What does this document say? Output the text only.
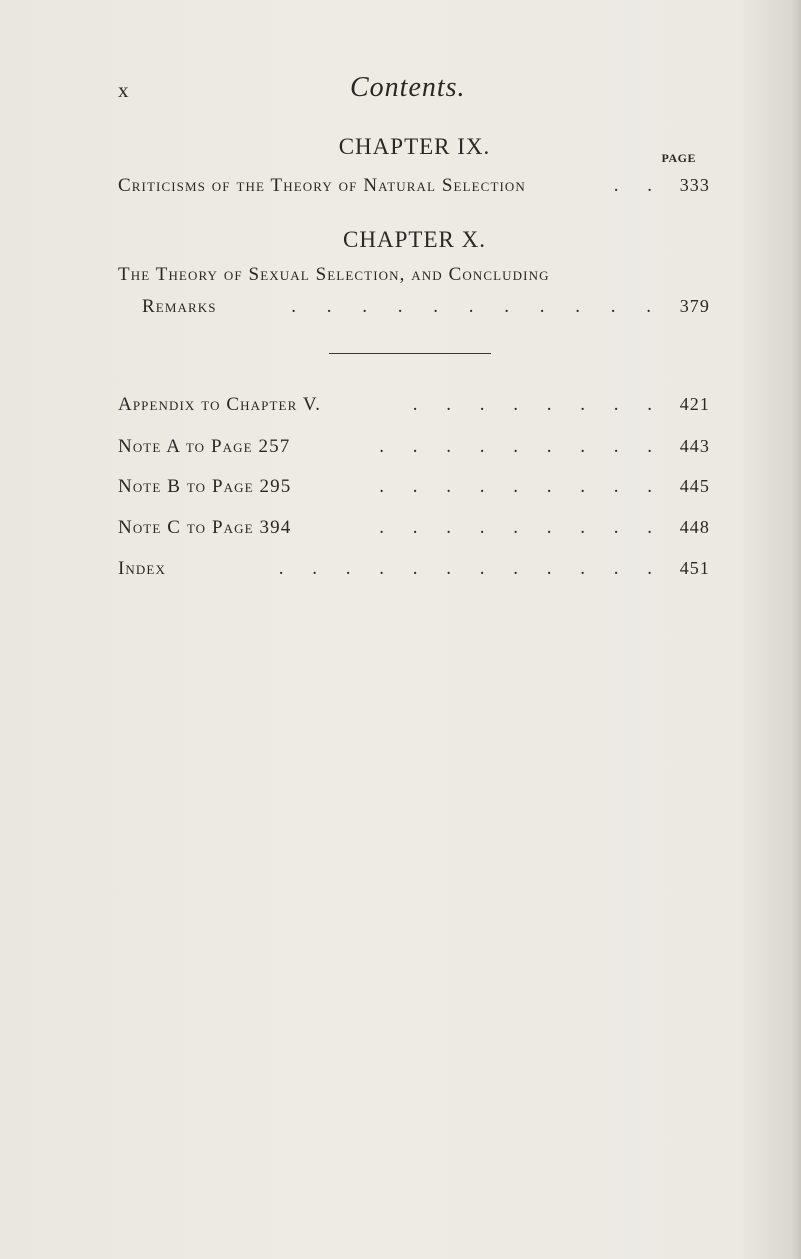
x	Contents.
CHAPTER IX.	PAGE
. .
Criticisms of the Theory of Natural Selection	333
CHAPTER X.
The Theory of Sexual Selection, and Concluding
Remarks	. . . . . . . . . . . 379
. . . . . . . .
Appendix to Chapter V.	421
. . . . . . . . .
Note A to Page 257	443
. . . . . . . . .
Note B to Page 295	445
. . . . . . . . .
Note C to Page 394	448
. . . . . . . . . . . .
Index	451
